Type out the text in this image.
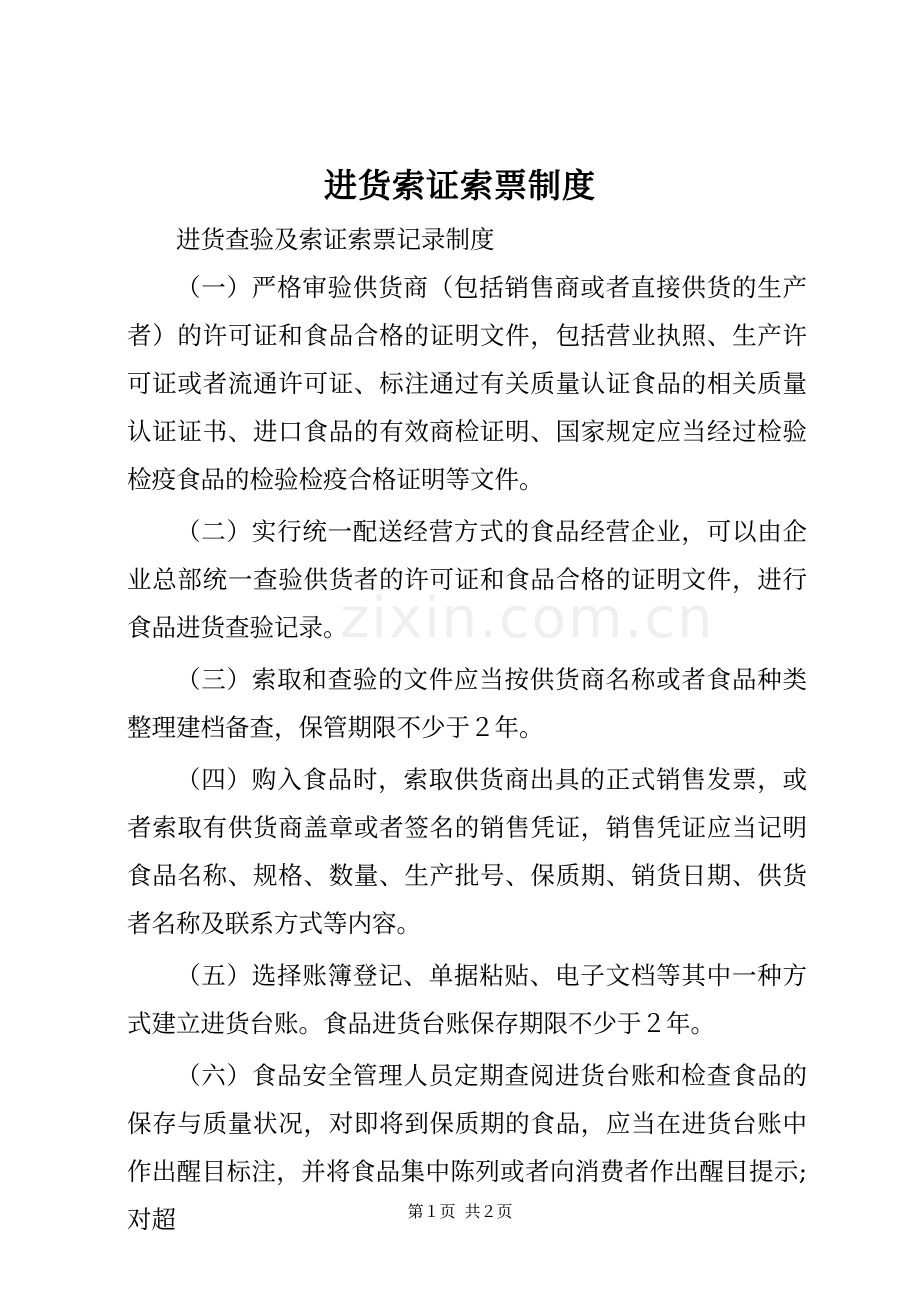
进货索证索票制度

进货查验及索证索票记录制度

（一）严格审验供货商（包括销售商或者直接供货的生产者）的许可证和食品合格的证明文件，包括营业执照、生产许可证或者流通许可证、标注通过有关质量认证食品的相关质量认证证书、进口食品的有效商检证明、国家规定应当经过检验检疫食品的检验检疫合格证明等文件。

（二）实行统一配送经营方式的食品经营企业，可以由企业总部统一查验供货者的许可证和食品合格的证明文件，进行食品进货查验记录。

（三）索取和查验的文件应当按供货商名称或者食品种类整理建档备查，保管期限不少于２年。

（四）购入食品时，索取供货商出具的正式销售发票，或者索取有供货商盖章或者签名的销售凭证，销售凭证应当记明食品名称、规格、数量、生产批号、保质期、销货日期、供货者名称及联系方式等内容。

（五）选择账簿登记、单据粘贴、电子文档等其中一种方式建立进货台账。食品进货台账保存期限不少于２年。

（六）食品安全管理人员定期查阅进货台账和检查食品的保存与质量状况，对即将到保质期的食品，应当在进货台账中作出醒目标注，并将食品集中陈列或者向消费者作出醒目提示;对超

zixin.com.cn
第１页 共２页
